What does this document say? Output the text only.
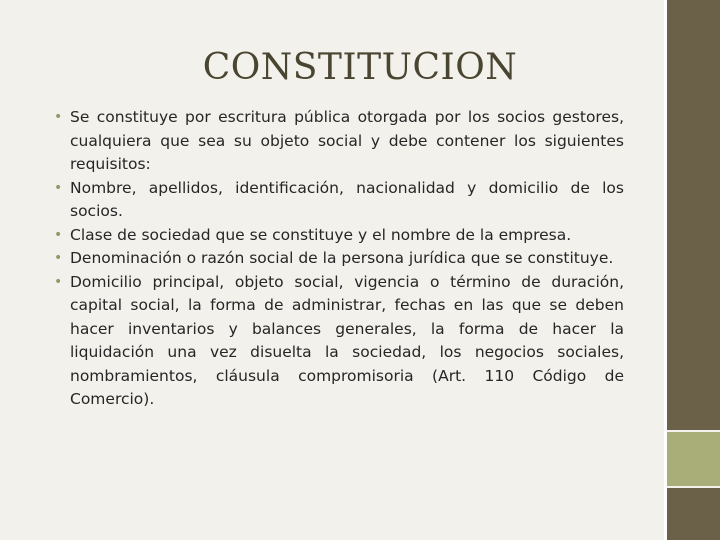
CONSTITUCION
• Se constituye por escritura pública otorgada por los socios gestores, cualquiera que sea su objeto social y debe contener los siguientes requisitos:
• Nombre, apellidos, identificación, nacionalidad y domicilio de los socios.
• Clase de sociedad que se constituye y el nombre de la empresa.
• Denominación o razón social de la persona jurídica que se constituye.
• Domicilio principal, objeto social, vigencia o término de duración, capital social, la forma de administrar, fechas en las que se deben hacer inventarios y balances generales, la forma de hacer la liquidación una vez disuelta la sociedad, los negocios sociales, nombramientos, cláusula compromisoria (Art. 110 Código de Comercio).
